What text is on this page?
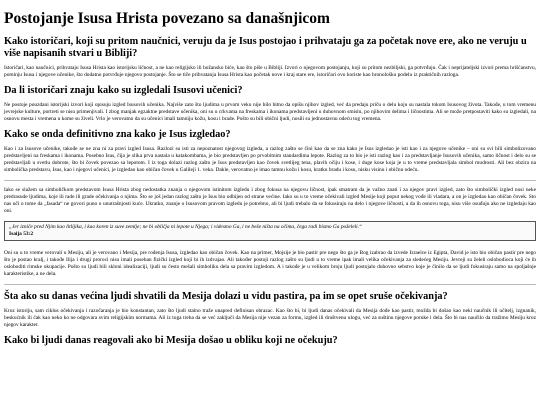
Postojanje Isusa Hrista povezano sa današnjicom
Kako istoričari, koji su pritom naučnici, veruju da je Isus postojao i prihvataju ga za početak nove ere, ako ne veruju u više napisanih stvari u Bibliji?

Istoričari, kao naučnici, prihvataju Isusa Hrista kao istorijsku ličnost, a ne kao religijsko ili božansko biće, kao što piše u Bibliji. Izvori o njegovom postojanju, koji su pritom nezbiljski, ga potvrđuju. Čak i neprijateljski izvori prema hrišćanstvu, pominju Isusa i njegove učenike, što dodatno potvrđuje njegovo postojanje. Što se tiče prihvatanja Isusa Hrista kao početak nove i kraj stare ere, istoričari ovo koriste kao hronološku podelu iz praktičnih razloga.

Da li istoričari znaju kako su izgledali Isusovi učenici?

Ne postoje pouzdani istorijski izvori koji opisuju izgled Isusovih učenika. Najviše zato što ljudima u prvom veku nije bilo bitno da opišu njihov izgled, već da predaju priču o delu koju su nastala tokom Isusovog života. Takođe, u tom vremenu jevrejske kulture, portreti se nisu primenjivali. I zbog manjak egzaktne predstave učenika, oni su u crkvama na freskama i ikonama predstavljeni u duhovnom smislu, po njihovim delima i ličnostima. Ali se može pretpostaviti kako su izgledali, na osnovu mesta i vremena u kome su živeli. Vrlo je verovatno da su učenici imali tamniju kožu, kosu i brade. Pošto su bili obični ljudi, nosili su jednostavnu odeću tog vremena.

Kako se onda definitivno zna kako je Isus izgledao?

Kao i za Isusove učenike, takođe se ne zna ni za pravi izgled Isusa. Razlozi su isti za nepoznatost njegovog izgleda, a razlog zašto se čini kao da se zna kako je Isus izgledao je isti kao i za njegove učenike – oni su svi bili simbolizovano predstavljeni na freskama i ikonama. Posebno Isus, čija je slika prva nastala u katakombama, je bio predstavljen po prvobitnim standardima lepote. Razlog za to bio je isti razlog kao i za predstavljanje Isusovih učenika, samo ličnost i delo su se predstavljali u svetlu dobrote, što bi čovek povezao sa lepotom. I iz toga dolazi razlog zašto je Isus predstavljen kao čovek svetlijeg tena, plavih očiju i kose, i duge kose koja je u to vreme predstavljala simbol mudrosti. Ali bez obzira na simbolička predstavu, Isus, kao i njegovi učenici, je izgledao kao običan čovek u Galileji 1. veka. Dakle, verovatno je imao tamnu kožu i kosu, kratku bradu i kosu, nisku visinu i običnu odeću.

Iako se slažem sa simboličkom predstavom Isusa Hrista zbog nedostatka znanja o njegovom istinitom izgledu i zbog fokusa na njegovu ličnost, ipak smatram da je važno znati i za njegov pravi izgled, zato što simbolički izgled nosi neke predrasude ljudima, koje ili rade ili grade očekivanja o njima. Što se još jedan razlog zašto je Isus bio odbijen od strane većine. Iako su u to vreme očekivali izgled Mesije koji poput nekog vođe ili vladara, a on je izgledao kao običan čovek. Sto nas uči o tome da „fasada“ ne govori puno o unutrašnjosti kuće. Ukratko, znanje o Isusovom pravom izgledu je potrebno, ali bi ljudi trebalo da se fokusiraju na delo i njegove ličnosti, a da ih osnovu toga, nisu više osuđuju ako ne izgledaju kao oni.

„Jer izniče pred Njim kao litlijika, i kao koren iz suve zemlje; ne bi obličja ni lepote u Njega; i videsmo Ga, i ne beše ništa na očima, čega radi bismo Ga poželeli.“

Isaija 53:2

Oni su u to vreme verovali u Mesiju, ali je verovano i Mesija, pre rođenja Isusa, izgledao kao običan čovek. Kao na primer, Mojsije je bio pastir pre nego što ga je Bog izabrao da izvede Izraelce iz Egipta, David je isto bio običan pastir pre nego što je postao kralj, i takođe Ilija i drugi proroci nisu imali poseban fizički izgled koji bi ih izdvajao. Ali također postoji razlog zašto su ljudi u to vreme ipak imali velika očekivanja za sledećeg Mesiju. Jevreji su želeli oslobodioca koji će ih osloboditi rimske okupacije. Pošto su ljudi bili skloni idealizaciji, ljudi su često mešali simboliku dela sa pravim izgledom. A i takođe je u velikom broju ljudi postojalo duhovno sebstvo koje je činilo da se ljudi fokusiraju samo na spoljašnje karakteristike, a ne dela.

Šta ako su danas većina ljudi shvatili da Mesija dolazi u vidu pastira, pa im se opet sruše očekivanja?

Kroz istoriju, sam ciklus očekivanja i razočaranja je bio konstantan, zato što ljudi stalno traže unapred definisan obrazac. Kao što bi, bi ljudi danas očekivali da Mesija dođe kao pastir, možda bi došao kao neki naučnik ili učitelj, izgnanik, beskućnik ili čak kao neko ko ne odgovara svim religijskim normama. Ali iz toga treba da se već zaključi da Mesija nije vezan za formu, izgled ili društvenu ulogu, već za suštinu njegove poruke i dela. Što bi nas naučilo da tražimo Mesiju kroz njegov karakter.

Kako bi ljudi danas reagovali ako bi Mesija došao u obliku koji ne očekuju?
